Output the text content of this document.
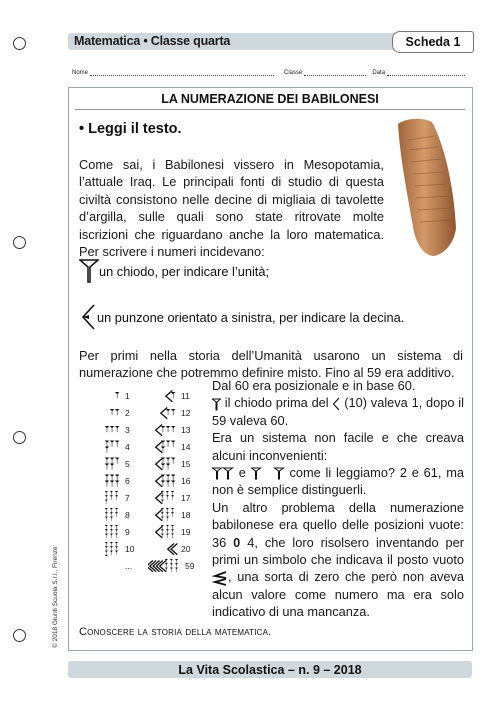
Matematica • Classe quarta	Scheda 1
Nome	Classe	Data
LA NUMERAZIONE DEI BABILONESI
• Leggi il testo.
Come sai, i Babilonesi vissero in Mesopotamia, l’attuale Iraq. Le principali fonti di studio di questa civiltà consistono nelle decine di migliaia di tavolette d’argilla, sulle quali sono state ritrovate molte iscrizioni che riguardano anche la loro matematica. Per scrivere i numeri incidevano:
un chiodo, per indicare l’unità;
un punzone orientato a sinistra, per indicare la decina.
Per primi nella storia dell’Umanità usarono un sistema di numerazione che potremmo definire misto. Fino al 59 era additivo.
1	11
2	12
3	13
4	14
5	15
6	16
7	17
8	18
9	19
10	20
...	59
Dal 60 era posizionale e in base 60.
il chiodo prima del (10) valeva 1, dopo il 59 valeva 60.
Era un sistema non facile e che creava alcuni inconvenienti:
e	come li leggiamo? 2 e 61, ma non è semplice distinguerli.
Un altro problema della numerazione babilonese era quello delle posizioni vuote: 36 0 4, che loro risolsero inventando per primi un simbolo che indicava il posto vuoto , una sorta di zero che però non aveva alcun valore come numero ma era solo indicativo di una mancanza.
Conoscere la storia della matematica.
La Vita Scolastica – n. 9 – 2018
© 2018 Giunti Scuola S.r.l., Firenze
